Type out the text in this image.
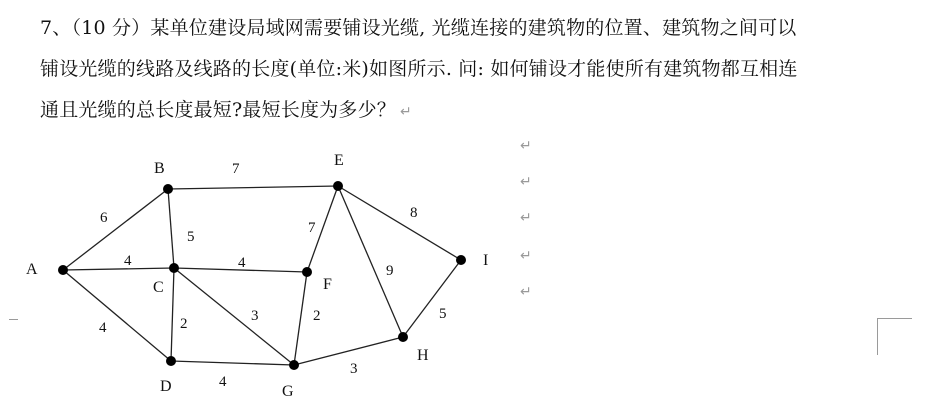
7、（10 分）某单位建设局域网需要铺设光缆, 光缆连接的建筑物的位置、建筑物之间可以
铺设光缆的线路及线路的长度(单位:米)如图所示. 问: 如何铺设才能使所有建筑物都互相连
通且光缆的总长度最短?最短长度为多少？ ↵
A
B
C
D
E
F
G
H
I
6
4
4
7
5
4
2	3
4
7
9
8
2
3
5
↵
↵
↵
↵
↵
